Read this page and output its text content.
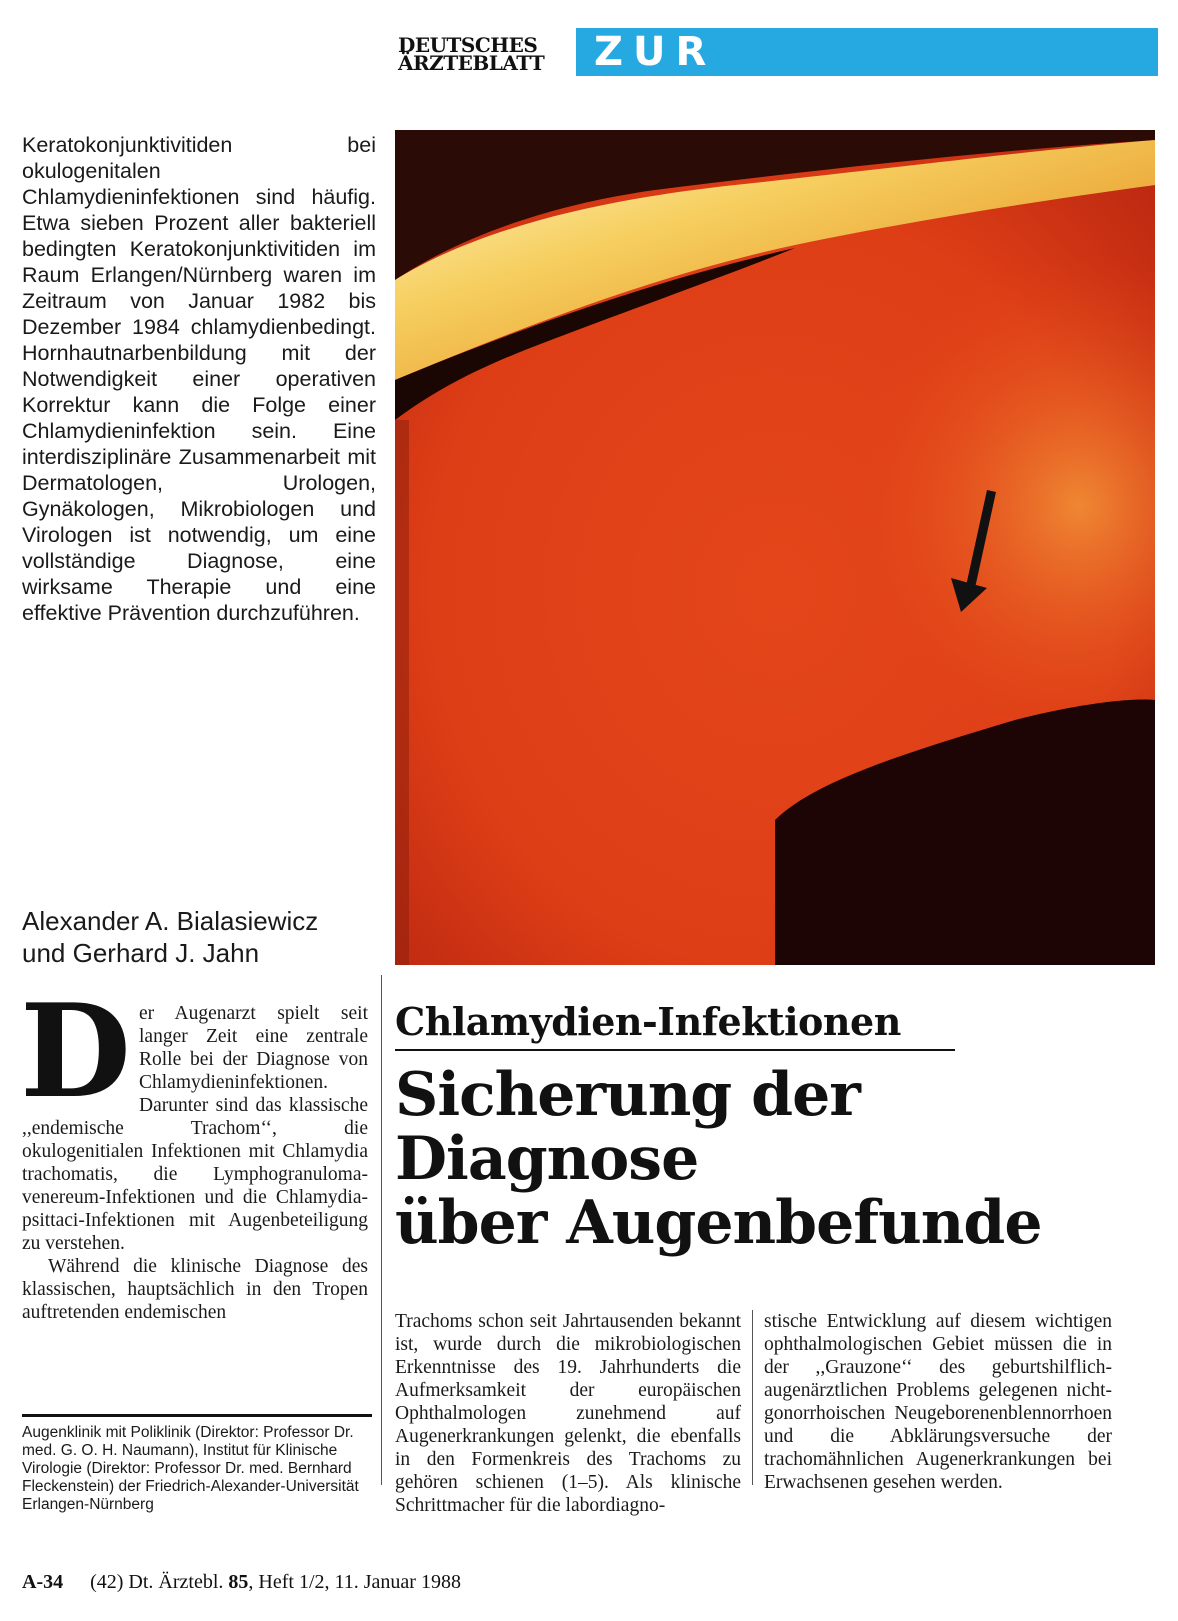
DEUTSCHES
ÄRZTEBLATT	ZUR FORTBILDUNG
Keratokonjunktivitiden bei okulogenitalen Chlamydieninfektionen sind häufig. Etwa sieben Prozent aller bakteriell bedingten Keratokonjunktivitiden im Raum Erlangen/Nürnberg waren im Zeitraum von Januar 1982 bis Dezember 1984 chlamydienbedingt. Hornhautnarbenbildung mit der Notwendigkeit einer operativen Korrektur kann die Folge einer Chlamydieninfektion sein. Eine interdisziplinäre Zusammenarbeit mit Dermatologen, Urologen, Gynäkologen, Mikrobiologen und Virologen ist notwendig, um eine vollständige Diagnose, eine wirksame Therapie und eine effektive Prävention durchzuführen.
Alexander A. Bialasiewicz
und Gerhard J. Jahn
Chlamydien-Infektionen
Sicherung der
Diagnose
über Augenbefunde

Der Augenarzt spielt seit langer Zeit eine zentrale Rolle bei der Diagnose von Chlamydieninfektionen. Darunter sind das klassische ,,endemische Trachom‘‘, die okulogenitialen Infektionen mit Chlamydia trachomatis, die Lymphogranuloma-venereum-Infektionen und die Chlamydia-psittaci-Infektionen mit Augenbeteiligung zu verstehen.

Während die klinische Diagnose des klassischen, hauptsächlich in den Tropen auftretenden endemischen

Augenklinik mit Poliklinik (Direktor: Professor Dr. med. G. O. H. Naumann), Institut für Klinische Virologie (Direktor: Professor Dr. med. Bernhard Fleckenstein) der Friedrich-Alexander-Universität Erlangen-Nürnberg
Trachoms schon seit Jahrtausenden bekannt ist, wurde durch die mikrobiologischen Erkenntnisse des 19. Jahrhunderts die Aufmerksamkeit der europäischen Ophthalmologen zunehmend auf Augenerkrankungen gelenkt, die ebenfalls in den Formenkreis des Trachoms zu gehören schienen (1–5). Als klinische Schrittmacher für die labordiagno-
stische Entwicklung auf diesem wichtigen ophthalmologischen Gebiet müssen die in der ,,Grauzone‘‘ des geburtshilflich-augenärztlichen Problems gelegenen nicht-gonorrhoischen Neugeborenenblennorrhoen und die Abklärungsversuche der trachomähnlichen Augenerkrankungen bei Erwachsenen gesehen werden.
A-34 (42) Dt. Ärztebl. 85, Heft 1/2, 11. Januar 1988
